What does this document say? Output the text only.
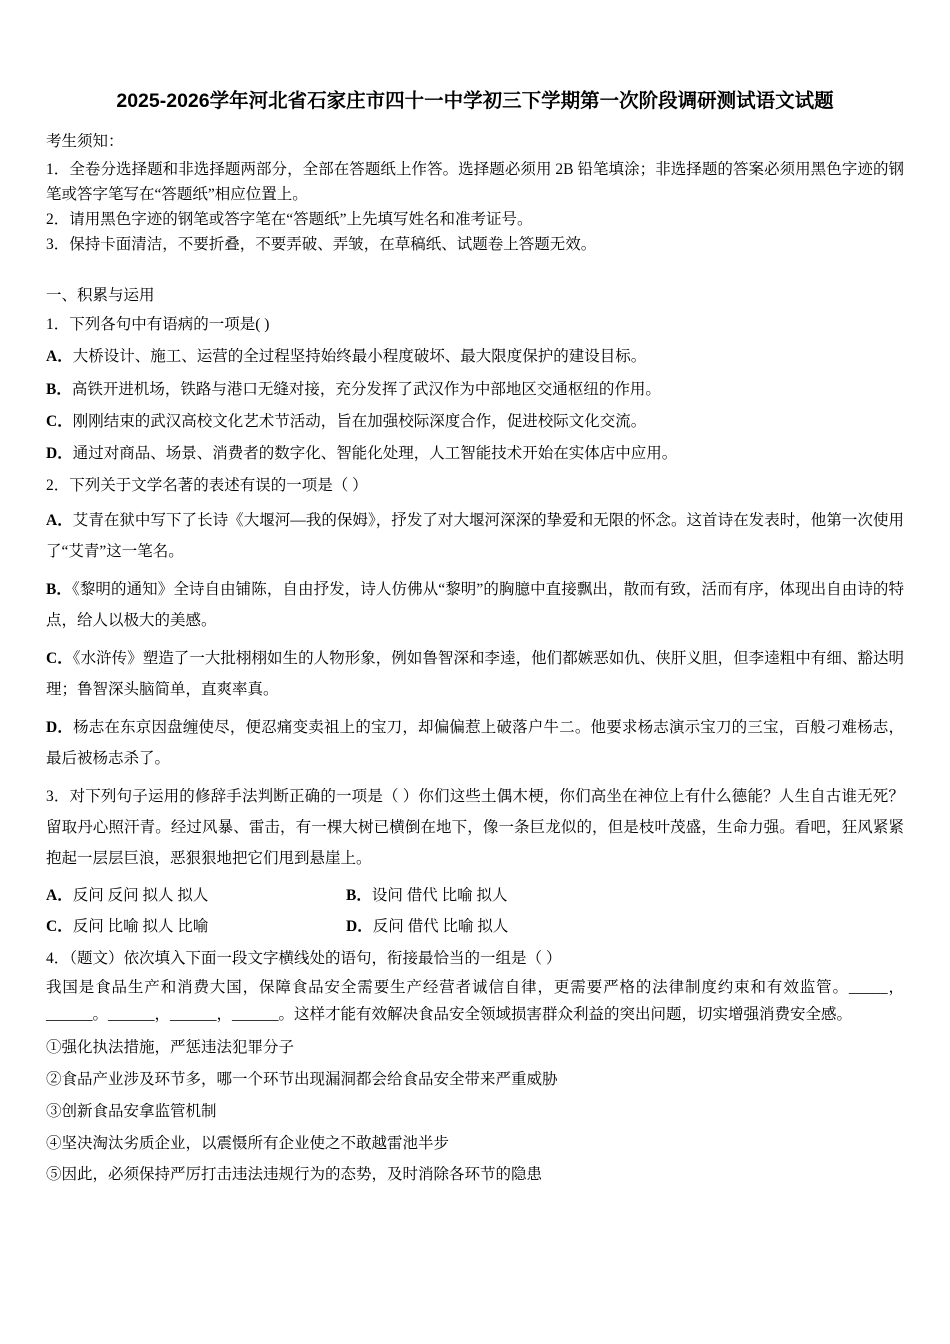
2025-2026学年河北省石家庄市四十一中学初三下学期第一次阶段调研测试语文试题
考生须知：

1．全卷分选择题和非选择题两部分，全部在答题纸上作答。选择题必须用 2B 铅笔填涂；非选择题的答案必须用黑色字迹的钢笔或答字笔写在“答题纸”相应位置上。

2．请用黑色字迹的钢笔或答字笔在“答题纸”上先填写姓名和准考证号。

3．保持卡面清洁，不要折叠，不要弄破、弄皱，在草稿纸、试题卷上答题无效。

一、积累与运用

1．下列各句中有语病的一项是( )

A．大桥设计、施工、运营的全过程坚持始终最小程度破坏、最大限度保护的建设目标。

B．高铁开进机场，铁路与港口无缝对接，充分发挥了武汉作为中部地区交通枢纽的作用。

C．刚刚结束的武汉高校文化艺术节活动，旨在加强校际深度合作，促进校际文化交流。

D．通过对商品、场景、消费者的数字化、智能化处理，人工智能技术开始在实体店中应用。

2．下列关于文学名著的表述有误的一项是（ ）

A．艾青在狱中写下了长诗《大堰河—我的保姆》，抒发了对大堰河深深的挚爱和无限的怀念。这首诗在发表时，他第一次使用了“艾青”这一笔名。

B．《黎明的通知》全诗自由铺陈，自由抒发，诗人仿佛从“黎明”的胸臆中直接飘出，散而有致，活而有序，体现出自由诗的特点，给人以极大的美感。

C．《水浒传》塑造了一大批栩栩如生的人物形象，例如鲁智深和李逵，他们都嫉恶如仇、侠肝义胆，但李逵粗中有细、豁达明理；鲁智深头脑简单，直爽率真。

D．杨志在东京因盘缠使尽，便忍痛变卖祖上的宝刀，却偏偏惹上破落户牛二。他要求杨志演示宝刀的三宝，百般刁难杨志，最后被杨志杀了。

3．对下列句子运用的修辞手法判断正确的一项是（ ）你们这些土偶木梗，你们高坐在神位上有什么德能？人生自古谁无死？留取丹心照汗青。经过风暴、雷击，有一棵大树已横倒在地下，像一条巨龙似的，但是枝叶茂盛，生命力强。看吧，狂风紧紧抱起一层层巨浪，恶狠狠地把它们甩到悬崖上。

A．反问 反问 拟人 拟人	B．设问 借代 比喻 拟人
C．反问 比喻 拟人 比喻	D．反问 借代 比喻 拟人

4．（题文）依次填入下面一段文字横线处的语句，衔接最恰当的一组是（ ）

我国是食品生产和消费大国，保障食品安全需要生产经营者诚信自律，更需要严格的法律制度约束和有效监管。_____，______。______，______，______。这样才能有效解决食品安全领域损害群众利益的突出问题，切实增强消费安全感。

①强化执法措施，严惩违法犯罪分子

②食品产业涉及环节多，哪一个环节出现漏洞都会给食品安全带来严重威胁

③创新食品安拿监管机制

④坚决淘汰劣质企业，以震慑所有企业使之不敢越雷池半步

⑤因此，必须保持严厉打击违法违规行为的态势，及时消除各环节的隐患
